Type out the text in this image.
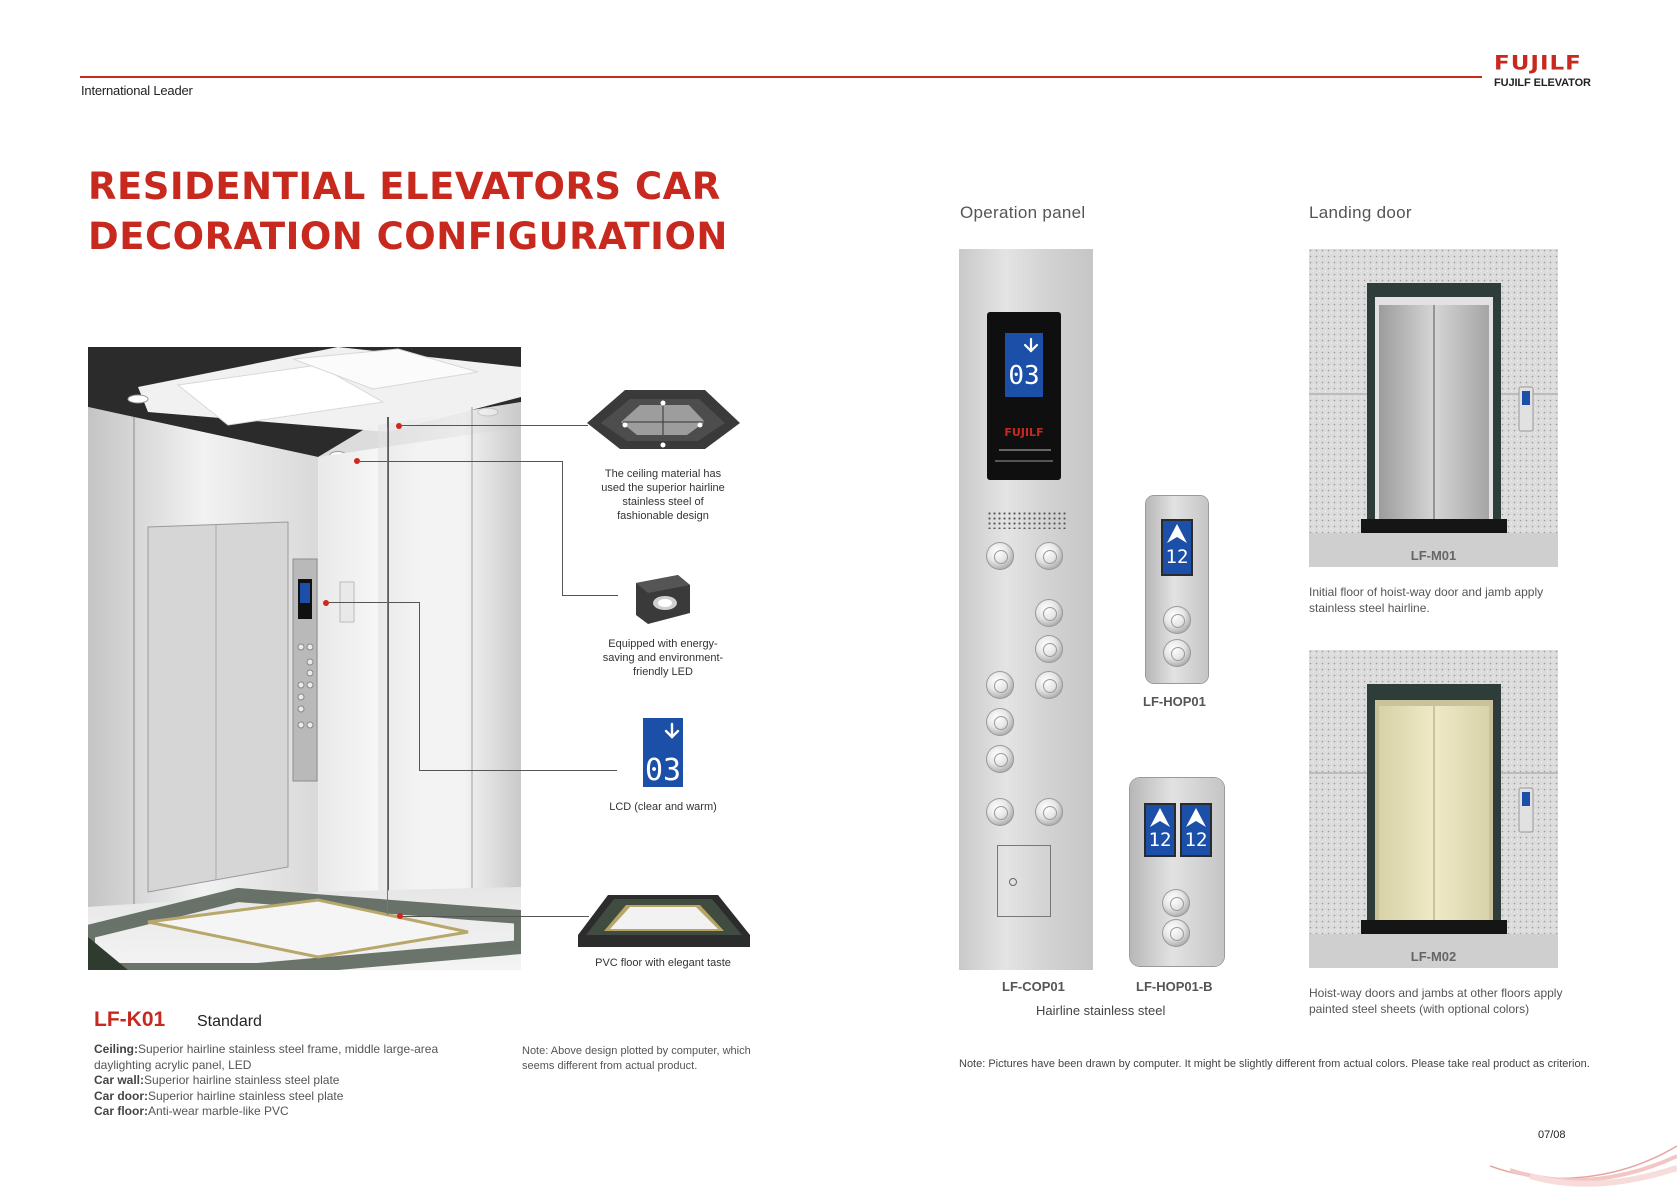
International Leader
FUJILF
FUJILF ELEVATOR
RESIDENTIAL ELEVATORS CAR
DECORATION CONFIGURATION
The ceiling material has used the superior hairline stainless steel of fashionable design
Equipped with energy-saving and environment-friendly LED
03
LCD (clear and warm)
PVC floor with elegant taste
LF-K01 Standard
Ceiling:Superior hairline stainless steel frame, middle large-area daylighting acrylic panel, LED
Car wall:Superior hairline stainless steel plate
Car door:Superior hairline stainless steel plate
Car floor:Anti-wear marble-like PVC
Note: Above design plotted by computer, which seems different from actual product.
Operation panel
03
FUJILF
12
LF-HOP01
12 12
LF-COP01	LF-HOP01-B
Hairline stainless steel
Landing door
LF-M01
Initial floor of hoist-way door and jamb apply stainless steel hairline.
LF-M02
Hoist-way doors and jambs at other floors apply painted steel sheets (with optional colors)
Note: Pictures have been drawn by computer. It might be slightly different from actual colors. Please take real product as criterion.
07/08
